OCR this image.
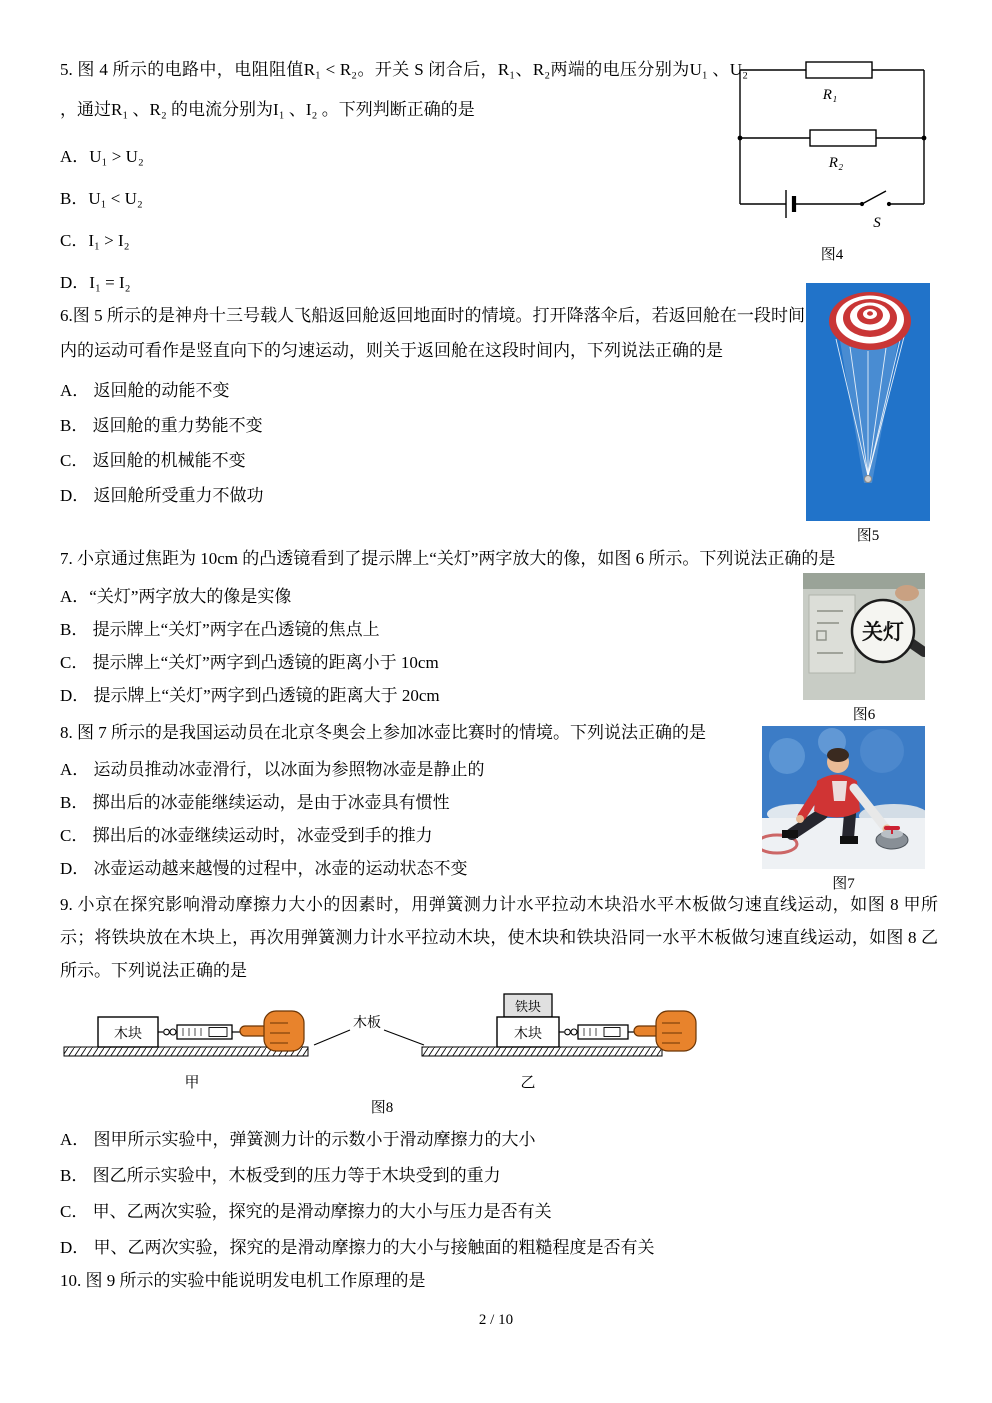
5. 图 4 所示的电路中，电阻阻值R₁ < R₂。开关 S 闭合后，R₁、R₂两端的电压分别为U₁ 、U₂ ，通过R₁ 、R₂ 的电流分别为I₁ 、I₂ 。下列判断正确的是

A．U₁ > U₂

B．U₁ < U₂

C．I₁ > I₂

D．I₁ = I₂

R₁
R₂
S
图4

6.图 5 所示的是神舟十三号载人飞船返回舱返回地面时的情境。打开降落伞后，若返回舱在一段时间内的运动可看作是竖直向下的匀速运动，则关于返回舱在这段时间内，下列说法正确的是

A． 返回舱的动能不变

B． 返回舱的重力势能不变

C． 返回舱的机械能不变

D． 返回舱所受重力不做功

图5

7. 小京通过焦距为 10cm 的凸透镜看到了提示牌上“关灯”两字放大的像，如图 6 所示。下列说法正确的是

A．“关灯”两字放大的像是实像

B． 提示牌上“关灯”两字在凸透镜的焦点上

C． 提示牌上“关灯”两字到凸透镜的距离小于 10cm

D． 提示牌上“关灯”两字到凸透镜的距离大于 20cm

关灯
图6

8. 图 7 所示的是我国运动员在北京冬奥会上参加冰壶比赛时的情境。下列说法正确的是

A． 运动员推动冰壶滑行，以冰面为参照物冰壶是静止的

B． 掷出后的冰壶能继续运动，是由于冰壶具有惯性

C． 掷出后的冰壶继续运动时，冰壶受到手的推力

D． 冰壶运动越来越慢的过程中，冰壶的运动状态不变

图7

9. 小京在探究影响滑动摩擦力大小的因素时，用弹簧测力计水平拉动木块沿水平木板做匀速直线运动，如图 8 甲所示；将铁块放在木块上，再次用弹簧测力计水平拉动木块，使木块和铁块沿同一水平木板做匀速直线运动，如图 8 乙所示。下列说法正确的是

木块
甲
木板
铁块
木块
乙
图8

A． 图甲所示实验中，弹簧测力计的示数小于滑动摩擦力的大小

B． 图乙所示实验中，木板受到的压力等于木块受到的重力

C． 甲、乙两次实验，探究的是滑动摩擦力的大小与压力是否有关

D． 甲、乙两次实验，探究的是滑动摩擦力的大小与接触面的粗糙程度是否有关

10. 图 9 所示的实验中能说明发电机工作原理的是

2 / 10
